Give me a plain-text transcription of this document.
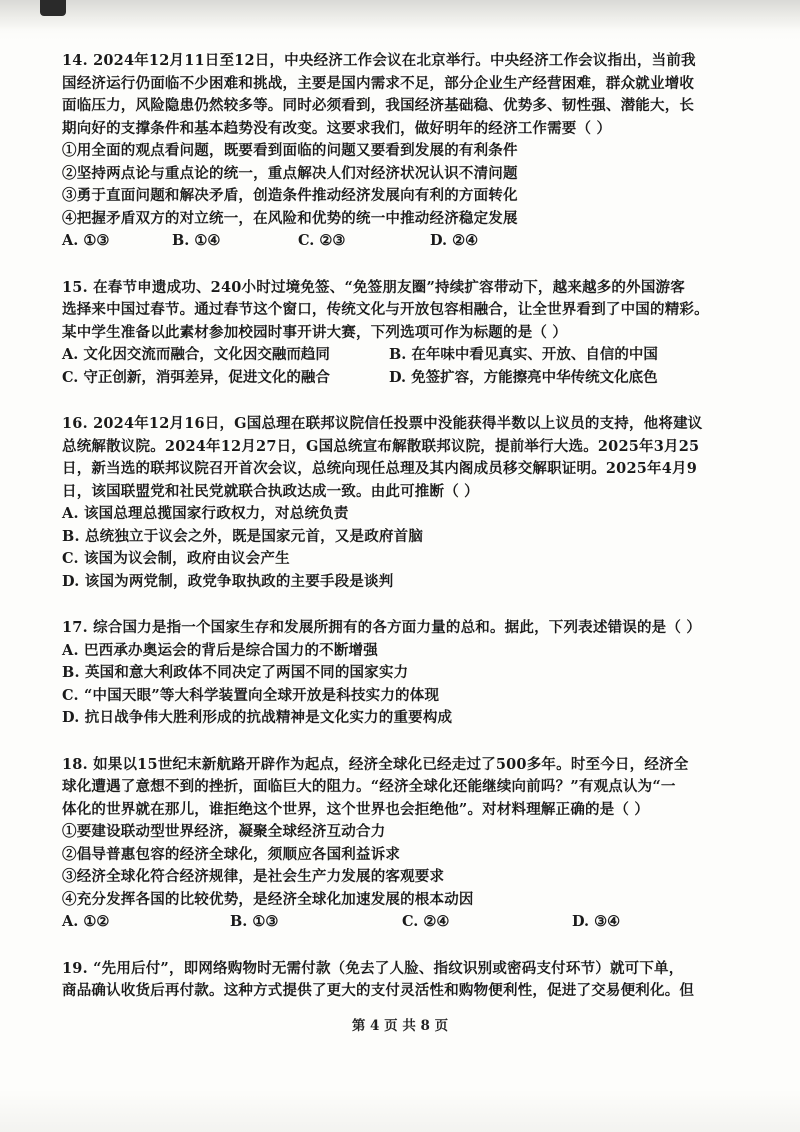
14. 2024年12月11日至12日，中央经济工作会议在北京举行。中央经济工作会议指出，当前我
国经济运行仍面临不少困难和挑战，主要是国内需求不足，部分企业生产经营困难，群众就业增收
面临压力，风险隐患仍然较多等。同时必须看到，我国经济基础稳、优势多、韧性强、潜能大，长
期向好的支撑条件和基本趋势没有改变。这要求我们，做好明年的经济工作需要（ ）
①用全面的观点看问题，既要看到面临的问题又要看到发展的有利条件
②坚持两点论与重点论的统一，重点解决人们对经济状况认识不清问题
③勇于直面问题和解决矛盾，创造条件推动经济发展向有利的方面转化
④把握矛盾双方的对立统一，在风险和优势的统一中推动经济稳定发展
A. ①③	B. ①④	C. ②③	D. ②④
15. 在春节申遗成功、240小时过境免签、“免签朋友圈”持续扩容带动下，越来越多的外国游客
选择来中国过春节。通过春节这个窗口，传统文化与开放包容相融合，让全世界看到了中国的精彩。
某中学生准备以此素材参加校园时事开讲大赛，下列选项可作为标题的是（ ）
A. 文化因交流而融合，文化因交融而趋同	B. 在年味中看见真实、开放、自信的中国
C. 守正创新，消弭差异，促进文化的融合	D. 免签扩容，方能擦亮中华传统文化底色
16. 2024年12月16日，G国总理在联邦议院信任投票中没能获得半数以上议员的支持，他将建议
总统解散议院。2024年12月27日，G国总统宣布解散联邦议院，提前举行大选。2025年3月25
日，新当选的联邦议院召开首次会议，总统向现任总理及其内阁成员移交解职证明。2025年4月9
日，该国联盟党和社民党就联合执政达成一致。由此可推断（ ）
A. 该国总理总揽国家行政权力，对总统负责
B. 总统独立于议会之外，既是国家元首，又是政府首脑
C. 该国为议会制，政府由议会产生
D. 该国为两党制，政党争取执政的主要手段是谈判
17. 综合国力是指一个国家生存和发展所拥有的各方面力量的总和。据此，下列表述错误的是（ ）
A. 巴西承办奥运会的背后是综合国力的不断增强
B. 英国和意大利政体不同决定了两国不同的国家实力
C. “中国天眼”等大科学装置向全球开放是科技实力的体现
D. 抗日战争伟大胜利形成的抗战精神是文化实力的重要构成
18. 如果以15世纪末新航路开辟作为起点，经济全球化已经走过了500多年。时至今日，经济全
球化遭遇了意想不到的挫折，面临巨大的阻力。“经济全球化还能继续向前吗？”有观点认为“一
体化的世界就在那儿，谁拒绝这个世界，这个世界也会拒绝他”。对材料理解正确的是（ ）
①要建设联动型世界经济，凝聚全球经济互动合力
②倡导普惠包容的经济全球化，须顺应各国利益诉求
③经济全球化符合经济规律，是社会生产力发展的客观要求
④充分发挥各国的比较优势，是经济全球化加速发展的根本动因
A. ①②	B. ①③	C. ②④	D. ③④
19. “先用后付”，即网络购物时无需付款（免去了人脸、指纹识别或密码支付环节）就可下单，
商品确认收货后再付款。这种方式提供了更大的支付灵活性和购物便利性，促进了交易便利化。但
第 4 页 共 8 页
